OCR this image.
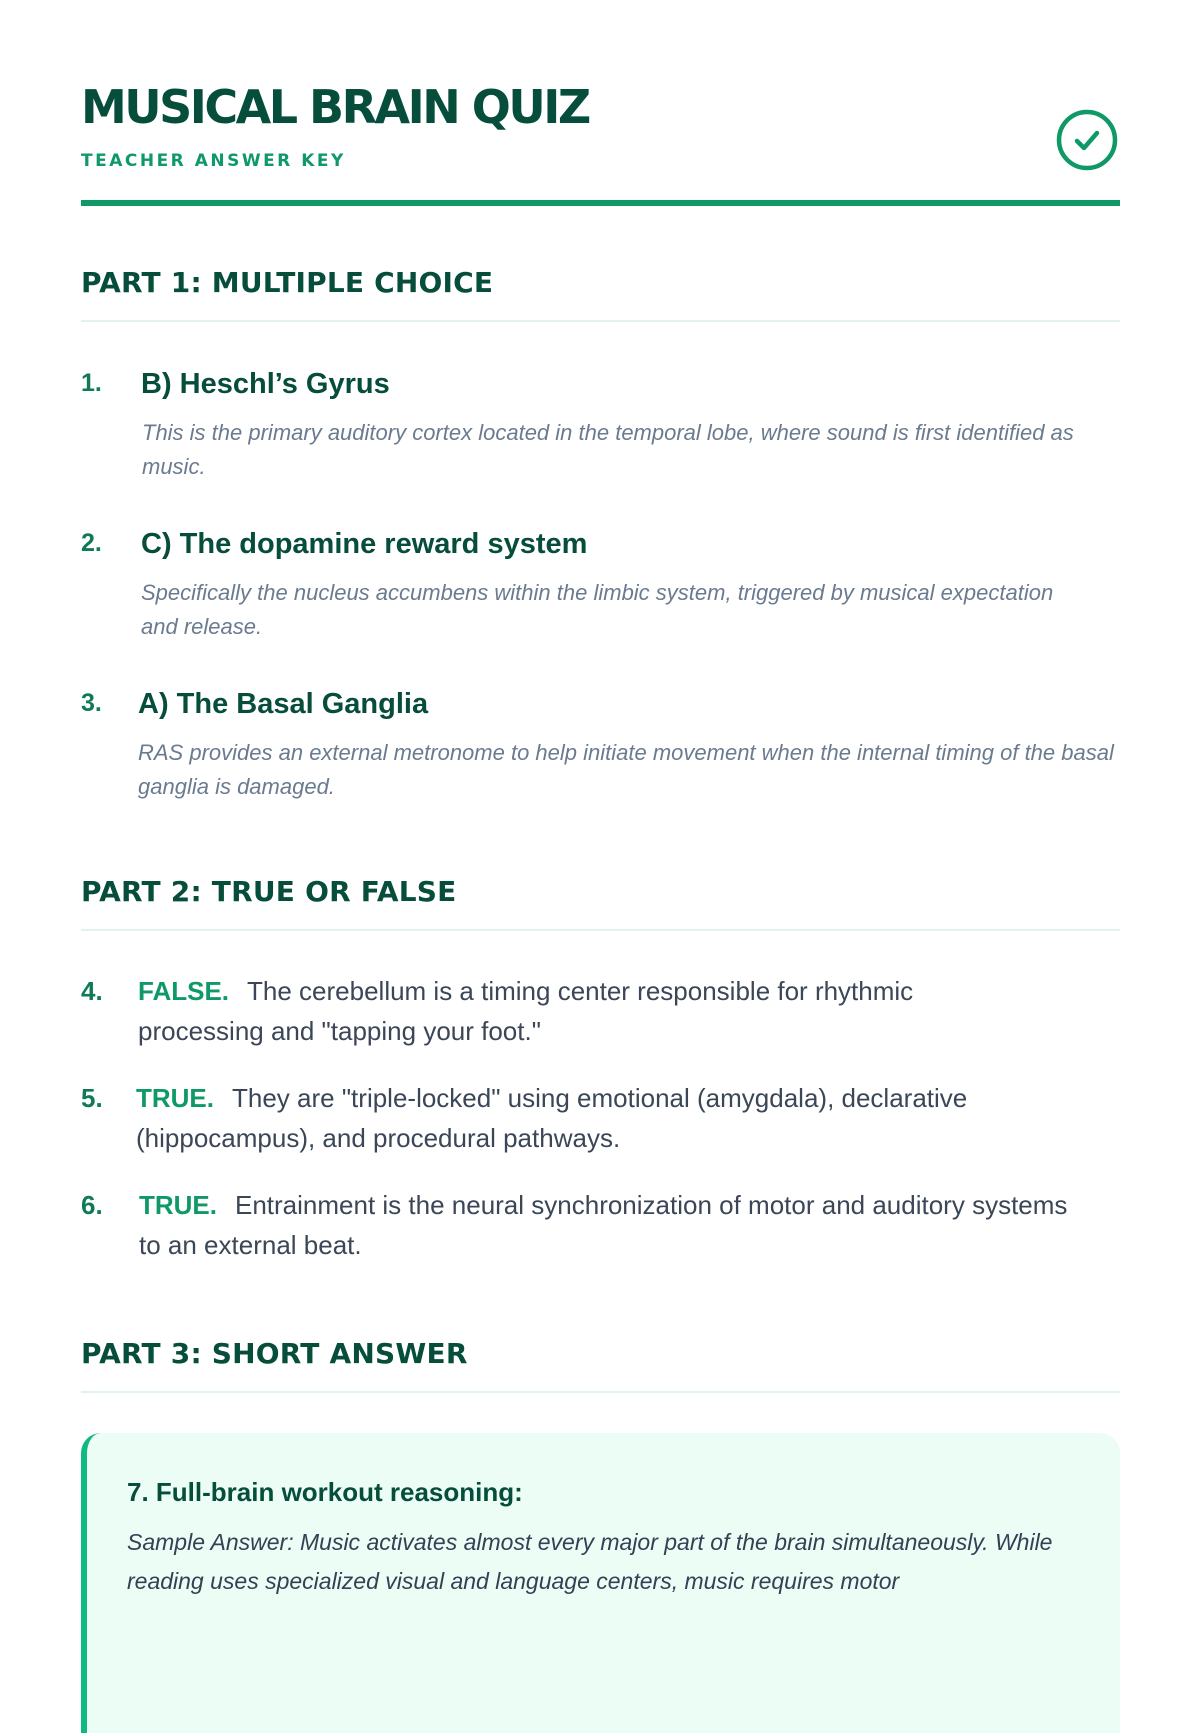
MUSICAL BRAIN QUIZ
TEACHER ANSWER KEY
PART 1: MULTIPLE CHOICE
1. B) Heschl’s Gyrus

This is the primary auditory cortex located in the temporal lobe, where sound is first identified as music.

2. C) The dopamine reward system

Specifically the nucleus accumbens within the limbic system, triggered by musical expectation and release.

3. A) The Basal Ganglia

RAS provides an external metronome to help initiate movement when the internal timing of the basal ganglia is damaged.

PART 2: TRUE OR FALSE
4. FALSE. The cerebellum is a timing center responsible for rhythmic processing and "tapping your foot."

5. TRUE. They are "triple-locked" using emotional (amygdala), declarative (hippocampus), and procedural pathways.

6. TRUE. Entrainment is the neural synchronization of motor and auditory systems to an external beat.

PART 3: SHORT ANSWER
7. Full-brain workout reasoning:

Sample Answer: Music activates almost every major part of the brain simultaneously. While reading uses specialized visual and language centers, music requires motor
